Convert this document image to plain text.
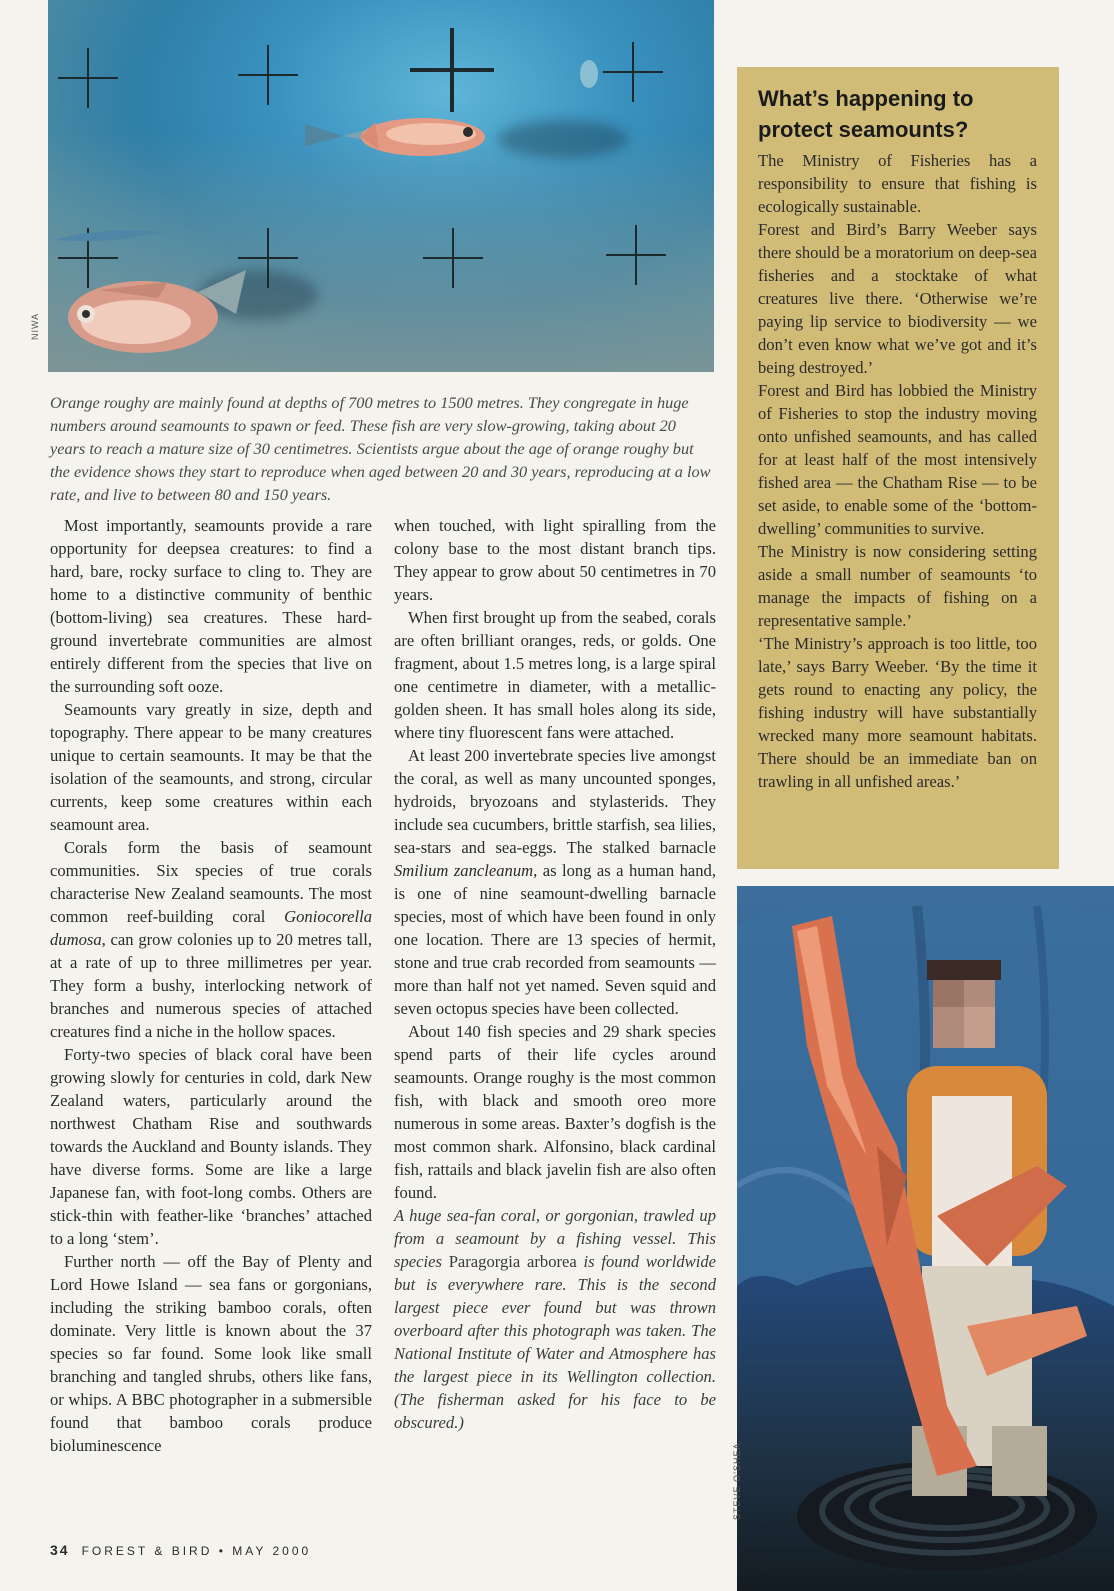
NIWA

Orange roughy are mainly found at depths of 700 metres to 1500 metres. They congregate in huge numbers around seamounts to spawn or feed. These fish are very slow-growing, taking about 20 years to reach a mature size of 30 centimetres. Scientists argue about the age of orange roughy but the evidence shows they start to reproduce when aged between 20 and 30 years, reproducing at a low rate, and live to between 80 and 150 years.

Most importantly, seamounts provide a rare opportunity for deepsea creatures: to find a hard, bare, rocky surface to cling to. They are home to a distinctive community of benthic (bottom-living) sea creatures. These hard-ground invertebrate communities are almost entirely different from the species that live on the surrounding soft ooze.

Seamounts vary greatly in size, depth and topography. There appear to be many creatures unique to certain seamounts. It may be that the isolation of the seamounts, and strong, circular currents, keep some creatures within each seamount area.

Corals form the basis of seamount communities. Six species of true corals characterise New Zealand seamounts. The most common reef-building coral Goniocorella dumosa, can grow colonies up to 20 metres tall, at a rate of up to three millimetres per year. They form a bushy, interlocking network of branches and numerous species of attached creatures find a niche in the hollow spaces.

Forty-two species of black coral have been growing slowly for centuries in cold, dark New Zealand waters, particularly around the northwest Chatham Rise and southwards towards the Auckland and Bounty islands. They have diverse forms. Some are like a large Japanese fan, with foot-long combs. Others are stick-thin with feather-like ‘branches’ attached to a long ‘stem’.

Further north — off the Bay of Plenty and Lord Howe Island — sea fans or gorgonians, including the striking bamboo corals, often dominate. Very little is known about the 37 species so far found. Some look like small branching and tangled shrubs, others like fans, or whips. A BBC photographer in a submersible found that bamboo corals produce bioluminescence

when touched, with light spiralling from the colony base to the most distant branch tips. They appear to grow about 50 centimetres in 70 years.

When first brought up from the seabed, corals are often brilliant oranges, reds, or golds. One fragment, about 1.5 metres long, is a large spiral one centimetre in diameter, with a metallic-golden sheen. It has small holes along its side, where tiny fluorescent fans were attached.

At least 200 invertebrate species live amongst the coral, as well as many uncounted sponges, hydroids, bryozoans and stylasterids. They include sea cucumbers, brittle starfish, sea lilies, sea-stars and sea-eggs. The stalked barnacle Smilium zancleanum, as long as a human hand, is one of nine seamount-dwelling barnacle species, most of which have been found in only one location. There are 13 species of hermit, stone and true crab recorded from seamounts — more than half not yet named. Seven squid and seven octopus species have been collected.

About 140 fish species and 29 shark species spend parts of their life cycles around seamounts. Orange roughy is the most common fish, with black and smooth oreo more numerous in some areas. Baxter’s dogfish is the most common shark. Alfonsino, black cardinal fish, rattails and black javelin fish are also often found.

A huge sea-fan coral, or gorgonian, trawled up from a seamount by a fishing vessel. This species Paragorgia arborea is found worldwide but is everywhere rare. This is the second largest piece ever found but was thrown overboard after this photograph was taken. The National Institute of Water and Atmosphere has the largest piece in its Wellington collection. (The fisherman asked for his face to be obscured.)

What’s happening to protect seamounts?

The Ministry of Fisheries has a responsibility to ensure that fishing is ecologically sustainable.

Forest and Bird’s Barry Weeber says there should be a moratorium on deep-sea fisheries and a stocktake of what creatures live there. ‘Otherwise we’re paying lip service to biodiversity — we don’t even know what we’ve got and it’s being destroyed.’

Forest and Bird has lobbied the Ministry of Fisheries to stop the industry moving onto unfished seamounts, and has called for at least half of the most intensively fished area — the Chatham Rise — to be set aside, to enable some of the ‘bottom-dwelling’ communities to survive.

The Ministry is now considering setting aside a small number of seamounts ‘to manage the impacts of fishing on a representative sample.’

‘The Ministry’s approach is too little, too late,’ says Barry Weeber. ‘By the time it gets round to enacting any policy, the fishing industry will have substantially wrecked many more seamount habitats. There should be an immediate ban on trawling in all unfished areas.’

STEVE O’SHEA
34 FOREST & BIRD • MAY 2000
